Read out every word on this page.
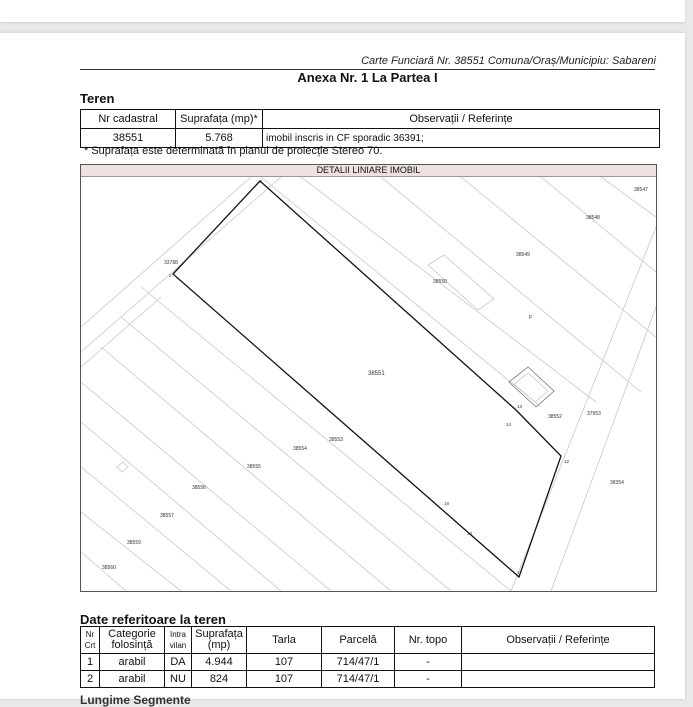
Carte Funciară Nr. 38551 Comuna/Oraș/Municipiu: Sabareni
Anexa Nr. 1 La Partea I
Teren
Nr cadastral	Suprafața (mp)*	Observații / Referințe
38551	5.768	imobil inscris in CF sporadic 36391;
* Suprafața este determinată în planul de proiecție Stereo 70.
DETALII LINIARE IMOBIL
38547
38548
38549
38550
38551
38552	37953
38554
38553
38555
38556
38557
38559
38560
38354
33788
p
1
2
13
14
12
18
10
11
Date referitoare la teren
Nr Crt	Categorie folosință	Intra vilan	Suprafața (mp)	Tarla	Parcelă	Nr. topo	Observații / Referințe
1	arabil	DA	4.944	107	714/47/1	-	
2	arabil	NU	824	107	714/47/1	-	
Lungime Segmente
